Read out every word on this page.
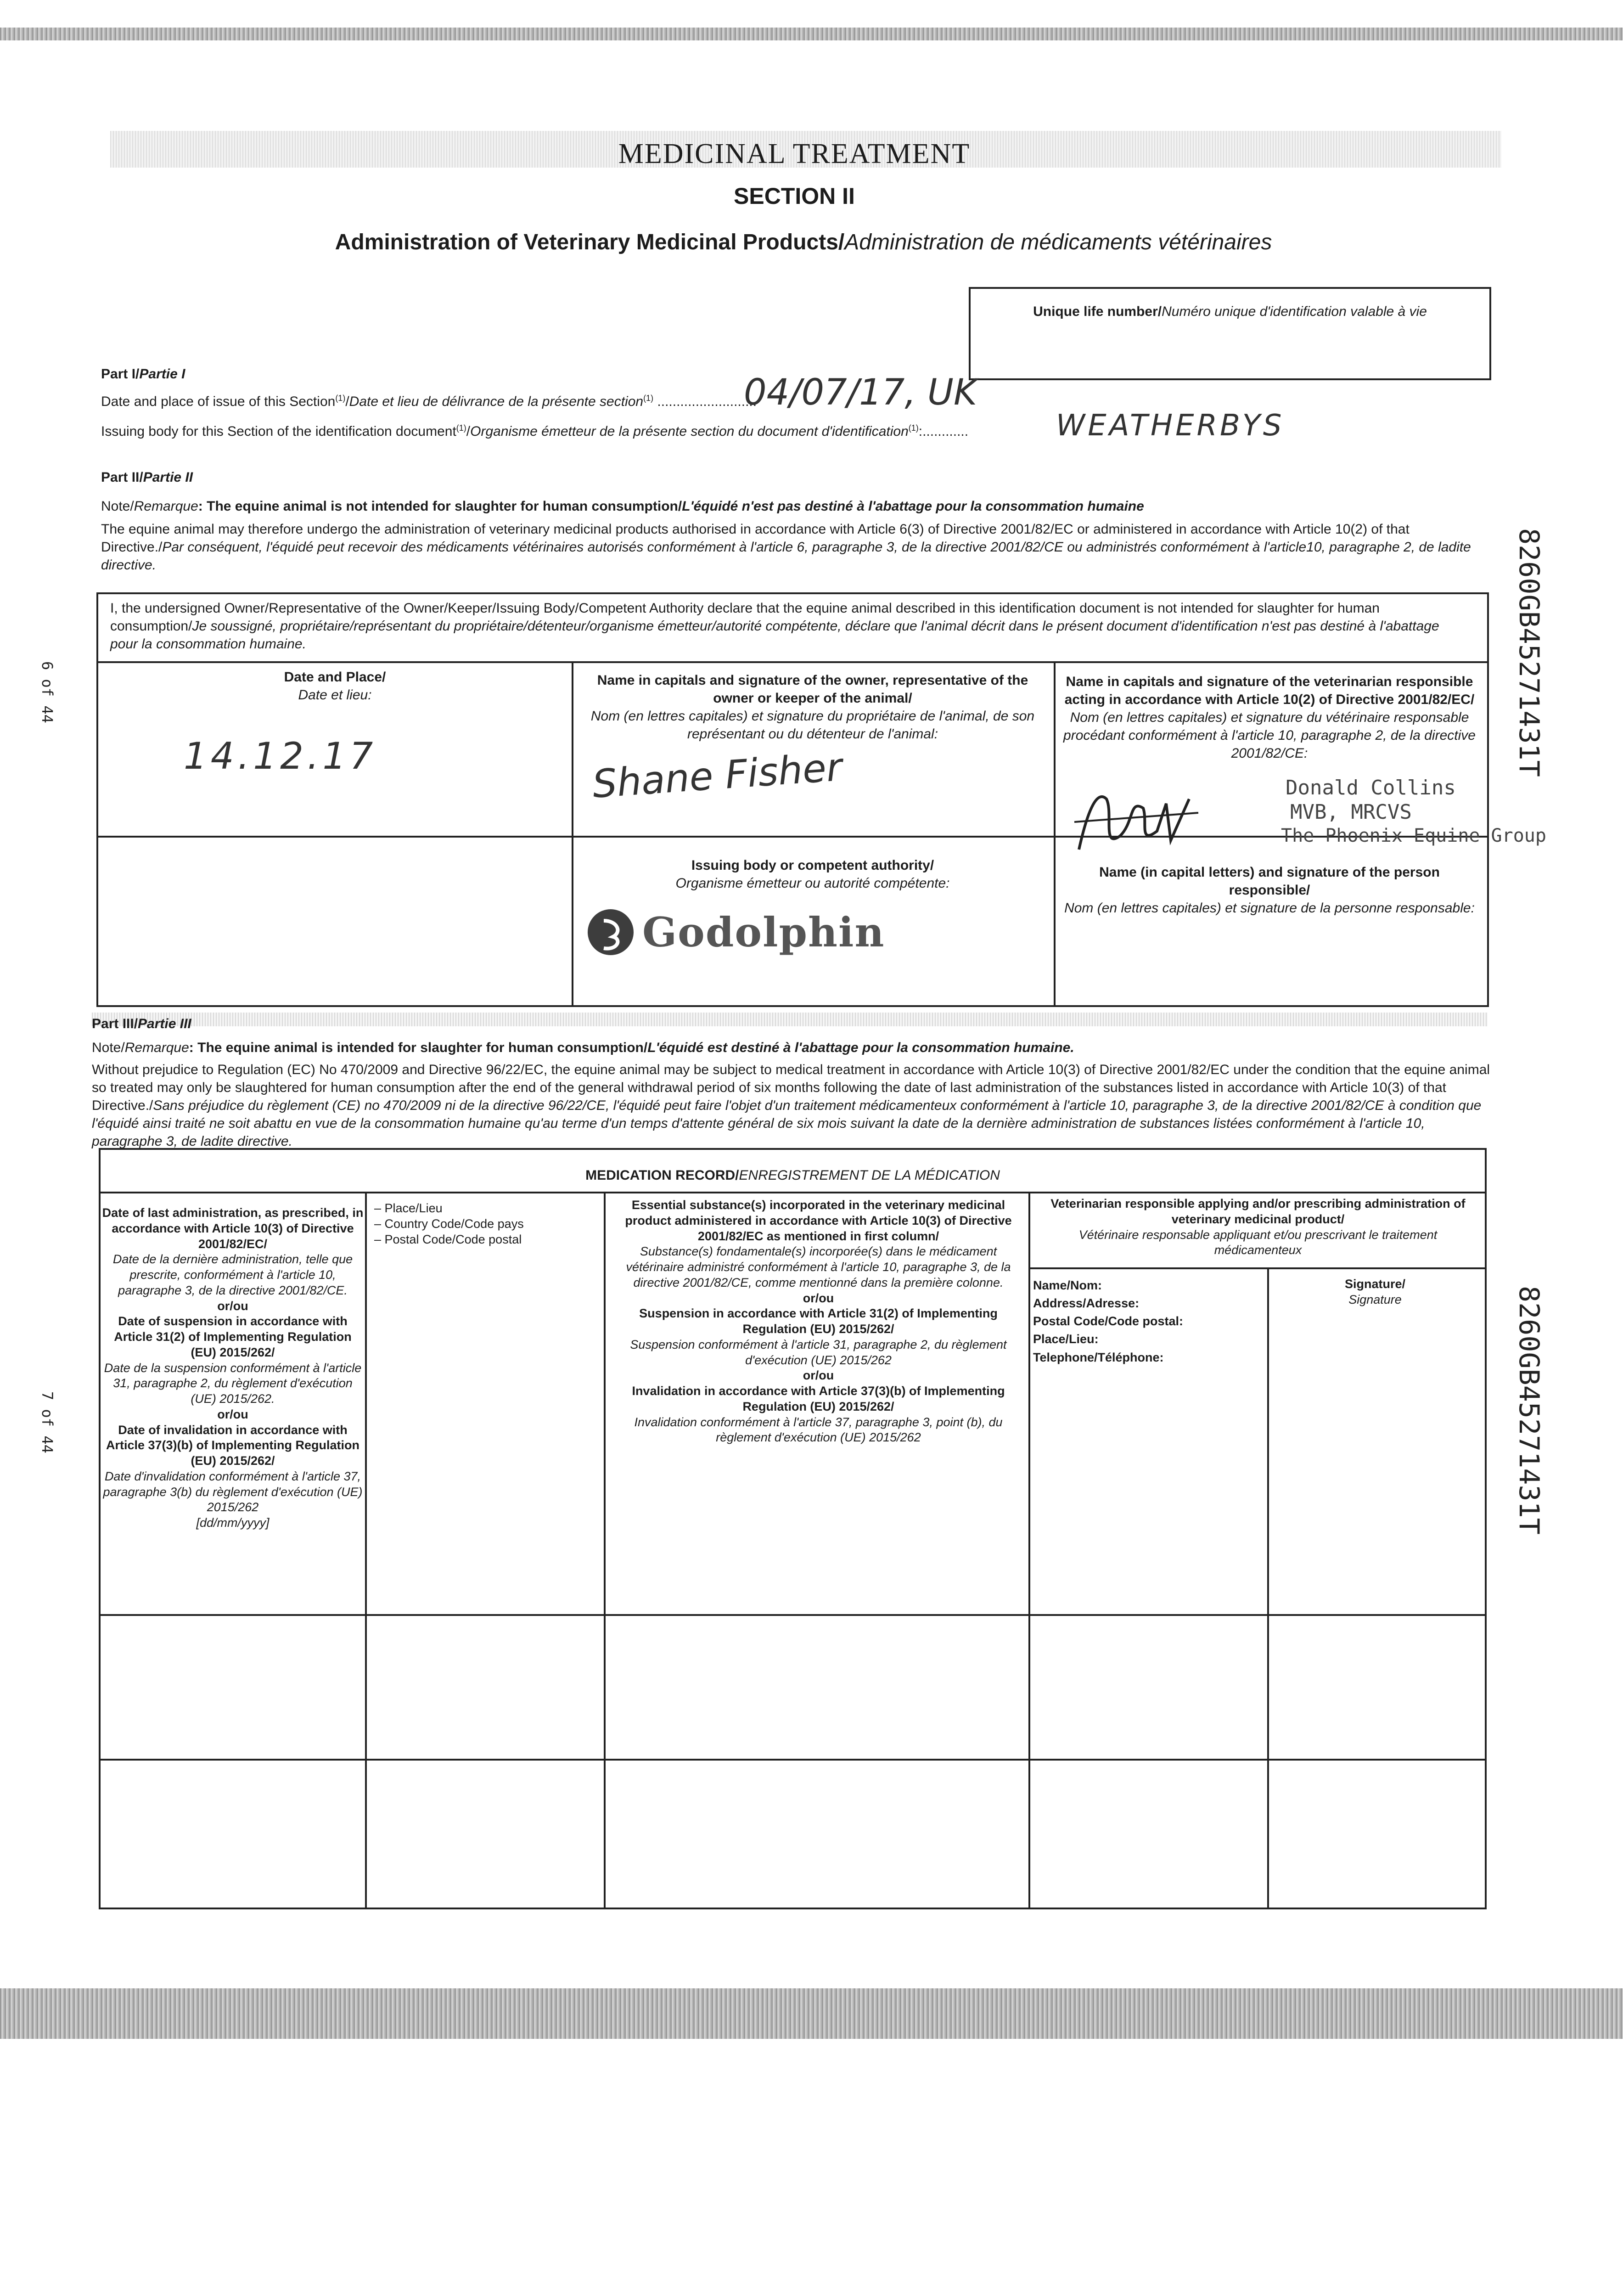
MEDICINAL TREATMENT
SECTION II
Administration of Veterinary Medicinal Products/Administration de médicaments vétérinaires
Unique life number/Numéro unique d'identification valable à vie
Part I/Partie I
Date and place of issue of this Section$^{(1)}$/Date et lieu de délivrance de la présente section$^{(1)}$ ..........................
04/07/17, UK
Issuing body for this Section of the identification document$^{(1)}$/Organisme émetteur de la présente section du document d'identification$^{(1)}$:............	WEATHERBYS
Part II/Partie II
Note/Remarque: The equine animal is not intended for slaughter for human consumption/L'équidé n'est pas destiné à l'abattage pour la consommation humaine
The equine animal may therefore undergo the administration of veterinary medicinal products authorised in accordance with Article 6(3) of Directive 2001/82/EC or administered in accordance with Article 10(2) of that Directive./Par conséquent, l'équidé peut recevoir des médicaments vétérinaires autorisés conformément à l'article 6, paragraphe 3, de la directive 2001/82/CE ou administrés conformément à l'article10, paragraphe 2, de ladite directive.
I, the undersigned Owner/Representative of the Owner/Keeper/Issuing Body/Competent Authority declare that the equine animal described in this identification document is not intended for slaughter for human consumption/Je soussigné, propriétaire/représentant du propriétaire/détenteur/organisme émetteur/autorité compétente, déclare que l'animal décrit dans le présent document d'identification n'est pas destiné à l'abattage pour la consommation humaine.
Date and Place/
Date et lieu:
14.12.17
Name in capitals and signature of the owner, representative of the owner or keeper of the animal/
Nom (en lettres capitales) et signature du propriétaire de l'animal, de son représentant ou du détenteur de l'animal:
Shane Fisher
Name in capitals and signature of the veterinarian responsible acting in accordance with Article 10(2) of Directive 2001/82/EC/
Nom (en lettres capitales) et signature du vétérinaire responsable procédant conformément à l'article 10, paragraphe 2, de la directive 2001/82/CE:
Donald Collins
MVB, MRCVS
The Phoenix Equine Group
Issuing body or competent authority/
Organisme émetteur ou autorité compétente:
Godolphin
Name (in capital letters) and signature of the person responsible/
Nom (en lettres capitales) et signature de la personne responsable:
Part III/Partie III
Note/Remarque: The equine animal is intended for slaughter for human consumption/L'équidé est destiné à l'abattage pour la consommation humaine.
Without prejudice to Regulation (EC) No 470/2009 and Directive 96/22/EC, the equine animal may be subject to medical treatment in accordance with Article 10(3) of Directive 2001/82/EC under the condition that the equine animal so treated may only be slaughtered for human consumption after the end of the general withdrawal period of six months following the date of last administration of the substances listed in accordance with Article 10(3) of that Directive./Sans préjudice du règlement (CE) no 470/2009 ni de la directive 96/22/CE, l'équidé peut faire l'objet d'un traitement médicamenteux conformément à l'article 10, paragraphe 3, de la directive 2001/82/CE à condition que l'équidé ainsi traité ne soit abattu en vue de la consommation humaine qu'au terme d'un temps d'attente général de six mois suivant la date de la dernière administration de substances listées conformément à l'article 10, paragraphe 3, de ladite directive.
MEDICATION RECORD/ENREGISTREMENT DE LA MÉDICATION
Date of last administration, as prescribed, in accordance with Article 10(3) of Directive 2001/82/EC/
Date de la dernière administration, telle que prescrite, conformément à l'article 10, paragraphe 3, de la directive 2001/82/CE.
or/ou
Date of suspension in accordance with Article 31(2) of Implementing Regulation (EU) 2015/262/
Date de la suspension conformément à l'article 31, paragraphe 2, du règlement d'exécution (UE) 2015/262.
or/ou
Date of invalidation in accordance with Article 37(3)(b) of Implementing Regulation (EU) 2015/262/
Date d'invalidation conformément à l'article 37, paragraphe 3(b) du règlement d'exécution (UE) 2015/262
[dd/mm/yyyy]
– Place/Lieu
– Country Code/Code pays
– Postal Code/Code postal
Essential substance(s) incorporated in the veterinary medicinal product administered in accordance with Article 10(3) of Directive 2001/82/EC as mentioned in first column/
Substance(s) fondamentale(s) incorporée(s) dans le médicament vétérinaire administré conformément à l'article 10, paragraphe 3, de la directive 2001/82/CE, comme mentionné dans la première colonne.
or/ou
Suspension in accordance with Article 31(2) of Implementing Regulation (EU) 2015/262/
Suspension conformément à l'article 31, paragraphe 2, du règlement d'exécution (UE) 2015/262
or/ou
Invalidation in accordance with Article 37(3)(b) of Implementing Regulation (EU) 2015/262/
Invalidation conformément à l'article 37, paragraphe 3, point (b), du règlement d'exécution (UE) 2015/262
Veterinarian responsible applying and/or prescribing administration of veterinary medicinal product/
Vétérinaire responsable appliquant et/ou prescrivant le traitement médicamenteux
Name/Nom:
Address/Adresse:
Postal Code/Code postal:
Place/Lieu:
Telephone/Téléphone:
Signature/
Signature
6 of 44
7 of 44
8260GB45271431T
8260GB45271431T
